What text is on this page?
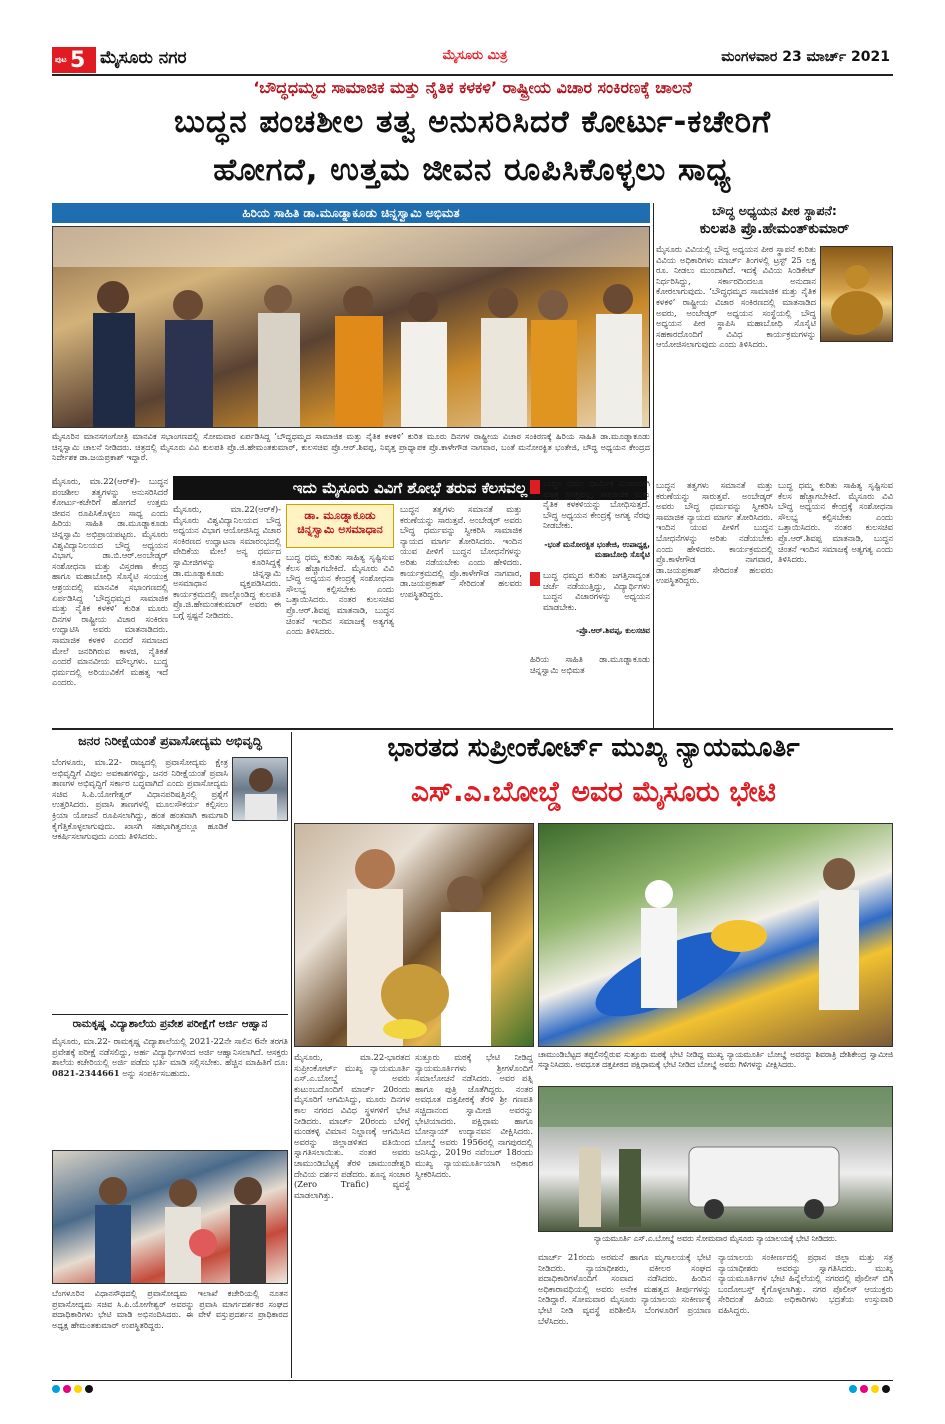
ಪುಟ 5 ಮೈಸೂರು ನಗರ	ಮೈಸೂರು ಮಿತ್ರ	ಮಂಗಳವಾರ 23 ಮಾರ್ಚ್ 2021
‘ಬೌದ್ಧಧಮ್ಮದ ಸಾಮಾಜಿಕ ಮತ್ತು ನೈತಿಕ ಕಳಕಳಿ’ ರಾಷ್ಟ್ರೀಯ ವಿಚಾರ ಸಂಕಿರಣಕ್ಕೆ ಚಾಲನೆ
ಬುದ್ಧನ ಪಂಚಶೀಲ ತತ್ವ ಅನುಸರಿಸಿದರೆ ಕೋರ್ಟು-ಕಚೇರಿಗೆ
ಹೋಗದೆ, ಉತ್ತಮ ಜೀವನ ರೂಪಿಸಿಕೊಳ್ಳಲು ಸಾಧ್ಯ
ಹಿರಿಯ ಸಾಹಿತಿ ಡಾ.ಮೂಡ್ನಾಕೂಡು ಚಿನ್ನಸ್ವಾಮಿ ಅಭಿಮತ
ಮೈಸೂರಿನ ಮಾನಸಗಂಗೋತ್ರಿ ಮಾನವಿಕ ಸಭಾಂಗಣದಲ್ಲಿ ಸೋಮವಾರ ಏರ್ಪಡಿಸಿದ್ದ ‘ಬೌದ್ಧಧಮ್ಮದ ಸಾಮಾಜಿಕ ಮತ್ತು ನೈತಿಕ ಕಳಕಳಿ’ ಕುರಿತ ಮೂರು ದಿನಗಳ ರಾಷ್ಟ್ರೀಯ ವಿಚಾರ ಸಂಕಿರಣಕ್ಕೆ ಹಿರಿಯ ಸಾಹಿತಿ ಡಾ.ಮೂಡ್ನಾಕೂಡು ಚಿನ್ನಸ್ವಾಮಿ ಚಾಲನೆ ನೀಡಿದರು. ಚಿತ್ರದಲ್ಲಿ ಮೈಸೂರು ವಿವಿ ಕುಲಪತಿ ಪ್ರೊ.ಜಿ.ಹೇಮಂತಕುಮಾರ್, ಕುಲಸಚಿವ ಪ್ರೊ.ಆರ್.ಶಿವಪ್ಪ, ನಿವೃತ್ತ ಪ್ರಾಧ್ಯಾಪಕ ಪ್ರೊ.ಕಾಳೇಗೌಡ ನಾಗವಾರ, ಬಂತೆ ಮನೋರಕ್ಖಿತ ಭಂತೇಜಿ, ಬೌದ್ಧ ಅಧ್ಯಯನ ಕೇಂದ್ರದ ನಿರ್ದೇಶಕ ಡಾ.ಜಯಪ್ರಕಾಶ್ ಇದ್ದಾರೆ.
ಬೌದ್ಧ ಅಧ್ಯಯನ ಪೀಠ ಸ್ಥಾಪನೆ:
ಕುಲಪತಿ ಪ್ರೊ.ಹೇಮಂತ್‌ಕುಮಾರ್
ಮೈಸೂರು ವಿವಿಯಲ್ಲಿ ಬೌದ್ಧ ಅಧ್ಯಯನ ಪೀಠ ಸ್ಥಾಪನೆ ಕುರಿತು ವಿವಿಯ ಅಧಿಕಾರಿಗಳು ಮಾರ್ಚ್ ತಿಂಗಳಲ್ಲಿ ಟ್ರಸ್ಟ್ 25 ಲಕ್ಷ ರೂ. ನೀಡಲು ಮುಂದಾಗಿದೆ. ಇದಕ್ಕೆ ವಿವಿಯ ಸಿಂಡಿಕೇಟ್ ನಿರ್ಧರಿಸಿದ್ದು, ಸರ್ಕಾರದಿಂದಲೂ ಅನುದಾನ ಕೋರಲಾಗುವುದು. ‘ಬೌದ್ಧಧಮ್ಮದ ಸಾಮಾಜಿಕ ಮತ್ತು ನೈತಿಕ ಕಳಕಳಿ’ ರಾಷ್ಟ್ರೀಯ ವಿಚಾರ ಸಂಕಿರಣದಲ್ಲಿ ಮಾತನಾಡಿದ ಅವರು, ಅಂಬೇಡ್ಕರ್ ಅಧ್ಯಯನ ಸಂಸ್ಥೆಯಲ್ಲಿ ಬೌದ್ಧ ಅಧ್ಯಯನ ಪೀಠ ಸ್ಥಾಪಿಸಿ ಮಹಾಬೋಧಿ ಸೊಸೈಟಿ ಸಹಕಾರದೊಂದಿಗೆ ವಿವಿಧ ಕಾರ್ಯಕ್ರಮಗಳನ್ನು ಆಯೋಜಿಸಲಾಗುವುದು ಎಂದು ತಿಳಿಸಿದರು.
ಇದು ಮೈಸೂರು ವಿವಿಗೆ ಶೋಭೆ ತರುವ ಕೆಲಸವಲ್ಲ
ಮೈಸೂರು, ಮಾ.22(ಆರ್‌ಕೆ)- ಬುದ್ಧನ ಪಂಚಶೀಲ ತತ್ವಗಳನ್ನು ಅನುಸರಿಸಿದರೆ ಕೋರ್ಟು-ಕಚೇರಿಗೆ ಹೋಗದೆ ಉತ್ತಮ ಜೀವನ ರೂಪಿಸಿಕೊಳ್ಳಲು ಸಾಧ್ಯ ಎಂದು ಹಿರಿಯ ಸಾಹಿತಿ ಡಾ.ಮೂಡ್ನಾಕೂಡು ಚಿನ್ನಸ್ವಾಮಿ ಅಭಿಪ್ರಾಯಪಟ್ಟರು. ಮೈಸೂರು ವಿಶ್ವವಿದ್ಯಾನಿಲಯದ ಬೌದ್ಧ ಅಧ್ಯಯನ ವಿಭಾಗ, ಡಾ.ಬಿ.ಆರ್.ಅಂಬೇಡ್ಕರ್ ಸಂಶೋಧನಾ ಮತ್ತು ವಿಸ್ತರಣಾ ಕೇಂದ್ರ ಹಾಗೂ ಮಹಾಬೋಧಿ ಸೊಸೈಟಿ ಸಂಯುಕ್ತ ಆಶ್ರಯದಲ್ಲಿ ಮಾನವಿಕ ಸಭಾಂಗಣದಲ್ಲಿ ಏರ್ಪಡಿಸಿದ್ದ ‘ಬೌದ್ಧಧಮ್ಮದ ಸಾಮಾಜಿಕ ಮತ್ತು ನೈತಿಕ ಕಳಕಳಿ’ ಕುರಿತ ಮೂರು ದಿನಗಳ ರಾಷ್ಟ್ರೀಯ ವಿಚಾರ ಸಂಕಿರಣ ಉದ್ಘಾಟಿಸಿ ಅವರು ಮಾತನಾಡಿದರು. ಸಾಮಾಜಿಕ ಕಳಕಳಿ ಎಂದರೆ ಸಮಾಜದ ಮೇಲೆ ಜನರಿಗಿರುವ ಕಾಳಜಿ, ನೈತಿಕತೆ ಎಂದರೆ ಮಾನವೀಯ ಮೌಲ್ಯಗಳು. ಬುದ್ಧ ಧರ್ಮದಲ್ಲಿ ಅರಿಯುವಿಕೆಗೆ ಮಹತ್ವ ಇದೆ ಎಂದರು.
ಮೈಸೂರು, ಮಾ.22(ಆರ್‌ಕೆ)- ಮೈಸೂರು ವಿಶ್ವವಿದ್ಯಾನಿಲಯದ ಬೌದ್ಧ ಅಧ್ಯಯನ ವಿಭಾಗ ಆಯೋಜಿಸಿದ್ದ ವಿಚಾರ ಸಂಕಿರಣದ ಉದ್ಘಾಟನಾ ಸಮಾರಂಭದಲ್ಲಿ ವೇದಿಕೆಯ ಮೇಲೆ ಅನ್ಯ ಧರ್ಮದ ಸ್ವಾಮೀಜಿಗಳನ್ನು ಕೂರಿಸಿದ್ದಕ್ಕೆ ಡಾ.ಮೂಡ್ನಾಕೂಡು ಚಿನ್ನಸ್ವಾಮಿ ಅಸಮಾಧಾನ ವ್ಯಕ್ತಪಡಿಸಿದರು. ಕಾರ್ಯಕ್ರಮದಲ್ಲಿ ಪಾಲ್ಗೊಂಡಿದ್ದ ಕುಲಪತಿ ಪ್ರೊ.ಜಿ.ಹೇಮಂತಕುಮಾರ್ ಅವರು ಈ ಬಗ್ಗೆ ಸ್ಪಷ್ಟನೆ ನೀಡಿದರು.
ಡಾ. ಮೂಡ್ನಾಕೂಡು
ಚಿನ್ನಸ್ವಾಮಿ ಅಸಮಾಧಾನ
ಬುದ್ಧ ಧಮ್ಮ ಕುರಿತು ಸಾಹಿತ್ಯ ಸೃಷ್ಟಿಸುವ ಕೆಲಸ ಹೆಚ್ಚಾಗಬೇಕಿದೆ. ಮೈಸೂರು ವಿವಿ ಬೌದ್ಧ ಅಧ್ಯಯನ ಕೇಂದ್ರಕ್ಕೆ ಸಂಶೋಧನಾ ಸೌಲಭ್ಯ ಕಲ್ಪಿಸಬೇಕು ಎಂದು ಒತ್ತಾಯಿಸಿದರು. ನಂತರ ಕುಲಸಚಿವ ಪ್ರೊ.ಆರ್.ಶಿವಪ್ಪ ಮಾತನಾಡಿ, ಬುದ್ಧನ ಚಿಂತನೆ ಇಂದಿನ ಸಮಾಜಕ್ಕೆ ಅತ್ಯಗತ್ಯ ಎಂದು ತಿಳಿಸಿದರು.
ಬುದ್ಧನ ತತ್ವಗಳು ಸಮಾನತೆ ಮತ್ತು ಕರುಣೆಯನ್ನು ಸಾರುತ್ತವೆ. ಅಂಬೇಡ್ಕರ್ ಅವರು ಬೌದ್ಧ ಧರ್ಮವನ್ನು ಸ್ವೀಕರಿಸಿ ಸಾಮಾಜಿಕ ನ್ಯಾಯದ ಮಾರ್ಗ ತೋರಿಸಿದರು. ಇಂದಿನ ಯುವ ಪೀಳಿಗೆ ಬುದ್ಧನ ಬೋಧನೆಗಳನ್ನು ಅರಿತು ನಡೆಯಬೇಕು ಎಂದು ಹೇಳಿದರು. ಕಾರ್ಯಕ್ರಮದಲ್ಲಿ ಪ್ರೊ.ಕಾಳೇಗೌಡ ನಾಗವಾರ, ಡಾ.ಜಯಪ್ರಕಾಶ್ ಸೇರಿದಂತೆ ಹಲವರು ಉಪಸ್ಥಿತರಿದ್ದರು.
ಬುದ್ಧನ ಧರ್ಮ ಧಾರ್ಮಿಕ ವಿಚಾರವಾಗಿ ಮಾತ್ರ ಪ್ರಸಕ್ತವಲ್ಲ, ಸಾಮಾಜಿಕ ಮತ್ತು ನೈತಿಕ ಕಳಕಳಿಯನ್ನು ಬೋಧಿಸುತ್ತದೆ. ಬೌದ್ಧ ಅಧ್ಯಯನ ಕೇಂದ್ರಕ್ಕೆ ಅಗತ್ಯ ನೆರವು ನೀಡಬೇಕು.
-ಭಂತೆ ಮನೋರಕ್ಖಿತ ಭಂತೇಜಿ, ಉಪಾಧ್ಯಕ್ಷ, ಮಹಾಬೋಧಿ ಸೊಸೈಟಿ
ಬುದ್ಧ ಧಮ್ಮದ ಕುರಿತು ಜಗತ್ತಿನಾದ್ಯಂತ ಚರ್ಚೆ ನಡೆಯುತ್ತಿದ್ದು, ವಿದ್ಯಾರ್ಥಿಗಳು ಬುದ್ಧನ ವಿಚಾರಗಳನ್ನು ಅಧ್ಯಯನ ಮಾಡಬೇಕು.
-ಪ್ರೊ.ಆರ್.ಶಿವಪ್ಪ, ಕುಲಸಚಿವ
ಹಿರಿಯ ಸಾಹಿತಿ ಡಾ.ಮೂಡ್ನಾಕೂಡು ಚಿನ್ನಸ್ವಾಮಿ ಅಭಿಮತ
ಬುದ್ಧನ ತತ್ವಗಳು ಸಮಾನತೆ ಮತ್ತು ಕರುಣೆಯನ್ನು ಸಾರುತ್ತವೆ. ಅಂಬೇಡ್ಕರ್ ಅವರು ಬೌದ್ಧ ಧರ್ಮವನ್ನು ಸ್ವೀಕರಿಸಿ ಸಾಮಾಜಿಕ ನ್ಯಾಯದ ಮಾರ್ಗ ತೋರಿಸಿದರು. ಇಂದಿನ ಯುವ ಪೀಳಿಗೆ ಬುದ್ಧನ ಬೋಧನೆಗಳನ್ನು ಅರಿತು ನಡೆಯಬೇಕು ಎಂದು ಹೇಳಿದರು. ಕಾರ್ಯಕ್ರಮದಲ್ಲಿ ಪ್ರೊ.ಕಾಳೇಗೌಡ ನಾಗವಾರ, ಡಾ.ಜಯಪ್ರಕಾಶ್ ಸೇರಿದಂತೆ ಹಲವರು ಉಪಸ್ಥಿತರಿದ್ದರು.
ಬುದ್ಧ ಧಮ್ಮ ಕುರಿತು ಸಾಹಿತ್ಯ ಸೃಷ್ಟಿಸುವ ಕೆಲಸ ಹೆಚ್ಚಾಗಬೇಕಿದೆ. ಮೈಸೂರು ವಿವಿ ಬೌದ್ಧ ಅಧ್ಯಯನ ಕೇಂದ್ರಕ್ಕೆ ಸಂಶೋಧನಾ ಸೌಲಭ್ಯ ಕಲ್ಪಿಸಬೇಕು ಎಂದು ಒತ್ತಾಯಿಸಿದರು. ನಂತರ ಕುಲಸಚಿವ ಪ್ರೊ.ಆರ್.ಶಿವಪ್ಪ ಮಾತನಾಡಿ, ಬುದ್ಧನ ಚಿಂತನೆ ಇಂದಿನ ಸಮಾಜಕ್ಕೆ ಅತ್ಯಗತ್ಯ ಎಂದು ತಿಳಿಸಿದರು.
ಜನರ ನಿರೀಕ್ಷೆಯಂತೆ ಪ್ರವಾಸೋದ್ಯಮ ಅಭಿವೃದ್ಧಿ
ಬೆಂಗಳೂರು, ಮಾ.22- ರಾಜ್ಯದಲ್ಲಿ ಪ್ರವಾಸೋದ್ಯಮ ಕ್ಷೇತ್ರ ಅಭಿವೃದ್ಧಿಗೆ ವಿಪುಲ ಅವಕಾಶಗಳಿದ್ದು, ಜನರ ನಿರೀಕ್ಷೆಯಂತೆ ಪ್ರವಾಸಿ ತಾಣಗಳ ಅಭಿವೃದ್ಧಿಗೆ ಸರ್ಕಾರ ಬದ್ಧವಾಗಿದೆ ಎಂದು ಪ್ರವಾಸೋದ್ಯಮ ಸಚಿವ ಸಿ.ಪಿ.ಯೋಗೇಶ್ವರ್ ವಿಧಾನಪರಿಷತ್ತಿನಲ್ಲಿ ಪ್ರಶ್ನೆಗೆ ಉತ್ತರಿಸಿದರು. ಪ್ರವಾಸಿ ತಾಣಗಳಲ್ಲಿ ಮೂಲಸೌಕರ್ಯ ಕಲ್ಪಿಸಲು ಕ್ರಿಯಾ ಯೋಜನೆ ರೂಪಿಸಲಾಗಿದ್ದು, ಹಂತ ಹಂತವಾಗಿ ಕಾಮಗಾರಿ ಕೈಗೆತ್ತಿಕೊಳ್ಳಲಾಗುವುದು. ಖಾಸಗಿ ಸಹಭಾಗಿತ್ವದಲ್ಲೂ ಹೂಡಿಕೆ ಆಕರ್ಷಿಸಲಾಗುವುದು ಎಂದು ತಿಳಿಸಿದರು.
ರಾಮಕೃಷ್ಣ ವಿದ್ಯಾಶಾಲೆಯ ಪ್ರವೇಶ ಪರೀಕ್ಷೆಗೆ ಅರ್ಜಿ ಆಹ್ವಾನ
ಮೈಸೂರು, ಮಾ.22- ರಾಮಕೃಷ್ಣ ವಿದ್ಯಾಶಾಲೆಯಲ್ಲಿ 2021-22ನೇ ಸಾಲಿನ 6ನೇ ತರಗತಿ ಪ್ರವೇಶಕ್ಕೆ ಪರೀಕ್ಷೆ ನಡೆಸಲಿದ್ದು, ಅರ್ಹ ವಿದ್ಯಾರ್ಥಿಗಳಿಂದ ಅರ್ಜಿ ಆಹ್ವಾನಿಸಲಾಗಿದೆ. ಆಸಕ್ತರು ಶಾಲೆಯ ಕಚೇರಿಯಲ್ಲಿ ಅರ್ಜಿ ಪಡೆದು ಭರ್ತಿ ಮಾಡಿ ಸಲ್ಲಿಸಬೇಕು. ಹೆಚ್ಚಿನ ಮಾಹಿತಿಗೆ ದೂ: 0821-2344661 ಅನ್ನು ಸಂಪರ್ಕಿಸಬಹುದು.
ಬೆಂಗಳೂರಿನ ವಿಧಾನಸೌಧದಲ್ಲಿ ಪ್ರವಾಸೋದ್ಯಮ ಇಲಾಖೆ ಕಚೇರಿಯಲ್ಲಿ ನೂತನ ಪ್ರವಾಸೋದ್ಯಮ ಸಚಿವ ಸಿ.ಪಿ.ಯೋಗೇಶ್ವರ್ ಅವರನ್ನು ಪ್ರವಾಸಿ ಮಾರ್ಗದರ್ಶಕರ ಸಂಘದ ಪದಾಧಿಕಾರಿಗಳು ಭೇಟಿ ಮಾಡಿ ಅಭಿನಂದಿಸಿದರು. ಈ ವೇಳೆ ವಸ್ತುಪ್ರದರ್ಶನ ಪ್ರಾಧಿಕಾರದ ಅಧ್ಯಕ್ಷ ಹೇಮಂತಕುಮಾರ್ ಉಪಸ್ಥಿತರಿದ್ದರು.
ಭಾರತದ ಸುಪ್ರೀಂಕೋರ್ಟ್ ಮುಖ್ಯ ನ್ಯಾಯಮೂರ್ತಿ
ಎಸ್.ಎ.ಬೋಬ್ಡೆ ಅವರ ಮೈಸೂರು ಭೇಟಿ
ಚಾಮುಂಡಿಬೆಟ್ಟದ ತಪ್ಪಲಿನಲ್ಲಿರುವ ಸುತ್ತೂರು ಮಠಕ್ಕೆ ಭೇಟಿ ನೀಡಿದ್ದ ಮುಖ್ಯ ನ್ಯಾಯಮೂರ್ತಿ ಬೋಬ್ಡೆ ಅವರನ್ನು ಶಿವರಾತ್ರಿ ದೇಶಿಕೇಂದ್ರ ಸ್ವಾಮೀಜಿ ಸನ್ಮಾನಿಸಿದರು. ಅವಧೂತ ದತ್ತಪೀಠದ ಪಕ್ಷಿಧಾಮಕ್ಕೆ ಭೇಟಿ ನೀಡಿದ ಬೋಬ್ಡೆ ಅವರು ಗಿಳಿಗಳನ್ನು ವೀಕ್ಷಿಸಿದರು.
ಮೈಸೂರು, ಮಾ.22-ಭಾರತದ ಸುಪ್ರೀಂಕೋರ್ಟ್ ಮುಖ್ಯ ನ್ಯಾಯಮೂರ್ತಿ ಎಸ್.ಎ.ಬೋಬ್ಡೆ ಅವರು ಕುಟುಂಬದೊಂದಿಗೆ ಮಾರ್ಚ್ 20ರಂದು ಮೈಸೂರಿಗೆ ಆಗಮಿಸಿದ್ದು, ಮೂರು ದಿನಗಳ ಕಾಲ ನಗರದ ವಿವಿಧ ಸ್ಥಳಗಳಿಗೆ ಭೇಟಿ ನೀಡಿದರು. ಮಾರ್ಚ್ 20ರಂದು ಬೆಳಿಗ್ಗೆ ಮಂಡಕಳ್ಳಿ ವಿಮಾನ ನಿಲ್ದಾಣಕ್ಕೆ ಆಗಮಿಸಿದ ಅವರನ್ನು ಜಿಲ್ಲಾಡಳಿತದ ವತಿಯಿಂದ ಸ್ವಾಗತಿಸಲಾಯಿತು. ನಂತರ ಅವರು ಚಾಮುಂಡಿಬೆಟ್ಟಕ್ಕೆ ತೆರಳಿ ಚಾಮುಂಡೇಶ್ವರಿ ದೇವಿಯ ದರ್ಶನ ಪಡೆದರು. ಶೂನ್ಯ ಸಂಚಾರ (Zero Trafic) ವ್ಯವಸ್ಥೆ ಮಾಡಲಾಗಿತ್ತು.
ಸುತ್ತೂರು ಮಠಕ್ಕೆ ಭೇಟಿ ನೀಡಿದ್ದ ನ್ಯಾಯಮೂರ್ತಿಗಳು ಶ್ರೀಗಳೊಂದಿಗೆ ಸಮಾಲೋಚನೆ ನಡೆಸಿದರು. ಅವರ ಪತ್ನಿ ಹಾಗೂ ಪುತ್ರಿ ಜೊತೆಗಿದ್ದರು. ನಂತರ ಅವಧೂತ ದತ್ತಪೀಠಕ್ಕೆ ತೆರಳಿ ಶ್ರೀ ಗಣಪತಿ ಸಚ್ಚಿದಾನಂದ ಸ್ವಾಮೀಜಿ ಅವರನ್ನು ಭೇಟಿಯಾದರು. ಪಕ್ಷಿಧಾಮ ಹಾಗೂ ಬೋನ್ಸಾಯ್ ಉದ್ಯಾನವನ ವೀಕ್ಷಿಸಿದರು. ಬೋಬ್ಡೆ ಅವರು 1956ರಲ್ಲಿ ನಾಗಪುರದಲ್ಲಿ ಜನಿಸಿದ್ದು, 2019ರ ನವೆಂಬರ್ 18ರಂದು ಮುಖ್ಯ ನ್ಯಾಯಮೂರ್ತಿಯಾಗಿ ಅಧಿಕಾರ ಸ್ವೀಕರಿಸಿದರು.
ನ್ಯಾಯಮೂರ್ತಿ ಎಸ್.ಎ.ಬೋಬ್ಡೆ ಅವರು ಸೋಮವಾರ ಮೈಸೂರು ನ್ಯಾಯಾಲಯಕ್ಕೆ ಭೇಟಿ ನೀಡಿದರು.
ಮಾರ್ಚ್ 21ರಂದು ಅರಮನೆ ಹಾಗೂ ಮೃಗಾಲಯಕ್ಕೆ ಭೇಟಿ ನೀಡಿದರು. ನ್ಯಾಯಾಧೀಶರು, ವಕೀಲರ ಸಂಘದ ಪದಾಧಿಕಾರಿಗಳೊಂದಿಗೆ ಸಂವಾದ ನಡೆಸಿದರು. ಹಿಂದಿನ ಅಧಿಕಾರಾವಧಿಯಲ್ಲಿ ಅವರು ಅನೇಕ ಮಹತ್ವದ ತೀರ್ಪುಗಳನ್ನು ನೀಡಿದ್ದಾರೆ. ಸೋಮವಾರ ಮೈಸೂರು ನ್ಯಾಯಾಲಯ ಸಂಕೀರ್ಣಕ್ಕೆ ಭೇಟಿ ನೀಡಿ ವ್ಯವಸ್ಥೆ ಪರಿಶೀಲಿಸಿ ಬೆಂಗಳೂರಿಗೆ ಪ್ರಯಾಣ ಬೆಳೆಸಿದರು.
ನ್ಯಾಯಾಲಯ ಸಂಕೀರ್ಣದಲ್ಲಿ ಪ್ರಧಾನ ಜಿಲ್ಲಾ ಮತ್ತು ಸತ್ರ ನ್ಯಾಯಾಧೀಶರು ಅವರನ್ನು ಸ್ವಾಗತಿಸಿದರು. ಮುಖ್ಯ ನ್ಯಾಯಮೂರ್ತಿಗಳ ಭೇಟಿ ಹಿನ್ನೆಲೆಯಲ್ಲಿ ನಗರದಲ್ಲಿ ಪೊಲೀಸ್ ಬಿಗಿ ಬಂದೋಬಸ್ತ್ ಕೈಗೊಳ್ಳಲಾಗಿತ್ತು. ನಗರ ಪೊಲೀಸ್ ಆಯುಕ್ತರು ಸೇರಿದಂತೆ ಹಿರಿಯ ಅಧಿಕಾರಿಗಳು ಭದ್ರತೆಯ ಉಸ್ತುವಾರಿ ವಹಿಸಿದ್ದರು.
